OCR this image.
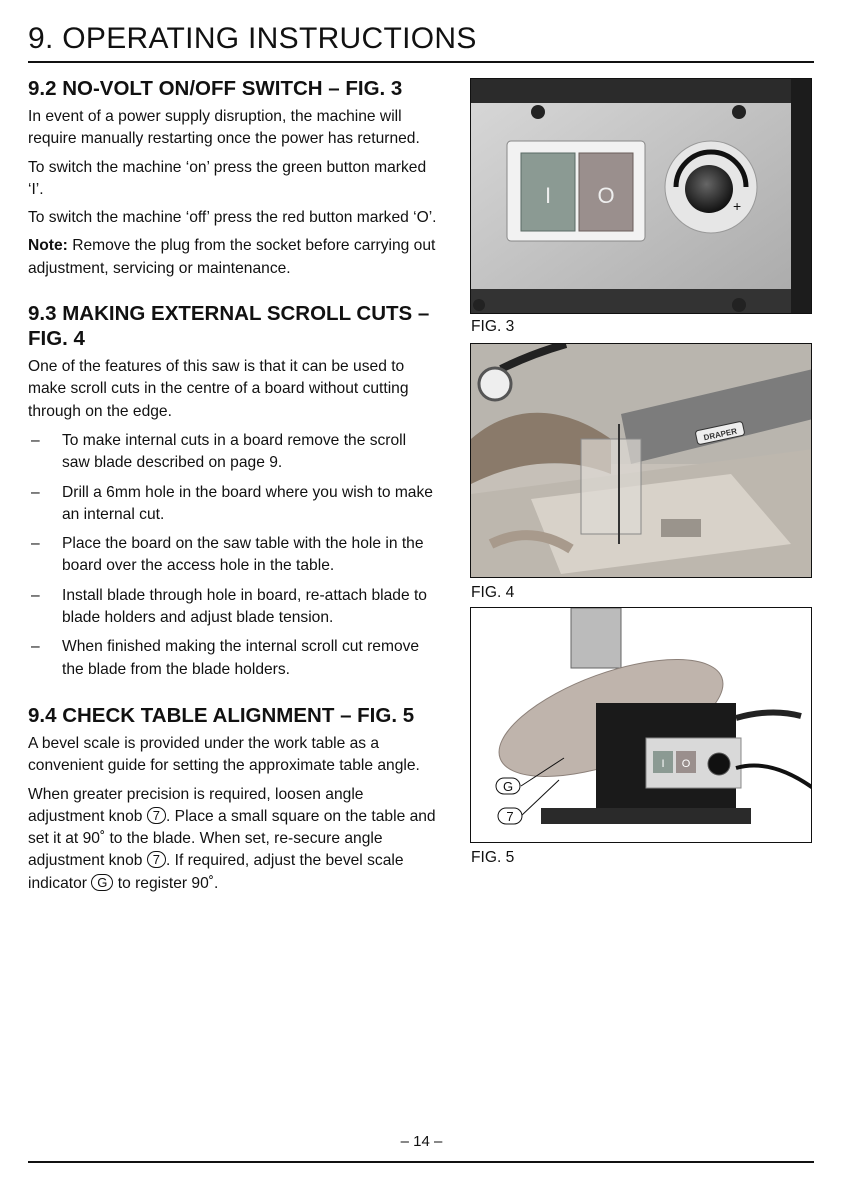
9. OPERATING INSTRUCTIONS
9.2 NO-VOLT ON/OFF SWITCH – FIG. 3

In event of a power supply disruption, the machine will require manually restarting once the power has returned.

To switch the machine ‘on’ press the green button marked ‘I’.

To switch the machine ‘off’ press the red button marked ‘O’.

Note: Remove the plug from the socket before carrying out adjustment, servicing or maintenance.

9.3 MAKING EXTERNAL SCROLL CUTS – FIG. 4

One of the features of this saw is that it can be used to make scroll cuts in the centre of a board without cutting through on the edge.

– To make internal cuts in a board remove the scroll saw blade described on page 9.
– Drill a 6mm hole in the board where you wish to make an internal cut.
– Place the board on the saw table with the hole in the board over the access hole in the table.
– Install blade through hole in board, re-attach blade to blade holders and adjust blade tension.
– When finished making the internal scroll cut remove the blade from the blade holders.
9.4 CHECK TABLE ALIGNMENT – FIG. 5

A bevel scale is provided under the work table as a convenient guide for setting the approximate table angle.

When greater precision is required, loosen angle adjustment knob 7 . Place a small square on the table and set it at 90˚ to the blade. When set, re-secure angle adjustment knob 7 . If required, adjust the bevel scale indicator G to register 90˚.

I O	+
FIG. 3
DRAPER
FIG. 4
I O
G
7
FIG. 5
– 14 –
